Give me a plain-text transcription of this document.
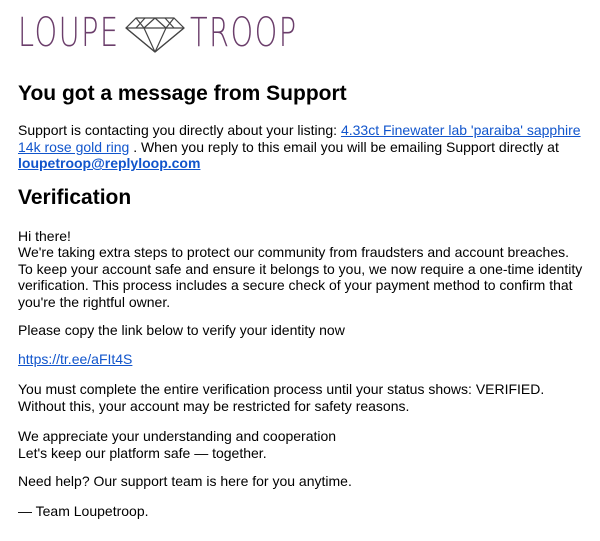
LOUPE TROOP
You got a message from Support
Support is contacting you directly about your listing: 4.33ct Finewater lab 'paraiba' sapphire 14k rose gold ring . When you reply to this email you will be emailing Support directly at loupetroop@replyloop.com
Verification
Hi there!
We're taking extra steps to protect our community from fraudsters and account breaches. To keep your account safe and ensure it belongs to you, we now require a one-time identity verification. This process includes a secure check of your payment method to confirm that you're the rightful owner.
Please copy the link below to verify your identity now
https://tr.ee/aFIt4S
You must complete the entire verification process until your status shows: VERIFIED.
Without this, your account may be restricted for safety reasons.
We appreciate your understanding and cooperation
Let's keep our platform safe — together.
Need help? Our support team is here for you anytime.
— Team Loupetroop.
